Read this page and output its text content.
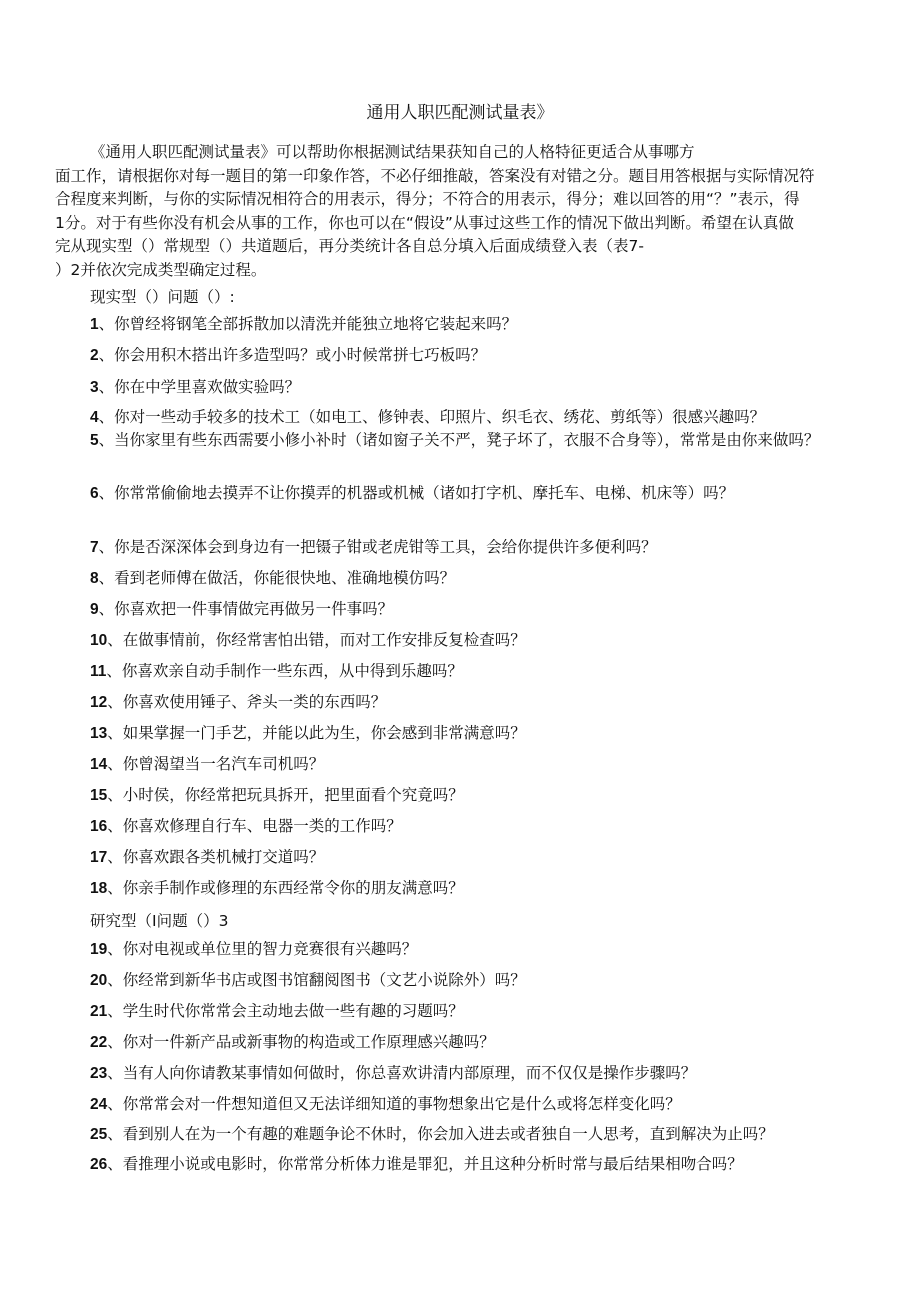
通用人职匹配测试量表》
《通用人职匹配测试量表》可以帮助你根据测试结果获知自己的人格特征更适合从事哪方
面工作，请根据你对每一题目的第一印象作答，不必仔细推敲，答案没有对错之分。题目用答根据与实际情况符
合程度来判断，与你的实际情况相符合的用表示，得分；不符合的用表示，得分；难以回答的用“？”表示，得
1分。对于有些你没有机会从事的工作，你也可以在“假设”从事过这些工作的情况下做出判断。希望在认真做
完从现实型（）常规型（）共道题后，再分类统计各自总分填入后面成绩登入表（表7-
）2并依次完成类型确定过程。
现实型（）问题（）:
研究型（I问题（）3
1、你曾经将钢笔全部拆散加以清洗并能独立地将它装起来吗？
2、你会用积木搭出许多造型吗？或小时候常拼七巧板吗？
3、你在中学里喜欢做实验吗？
4、你对一些动手较多的技术工（如电工、修钟表、印照片、织毛衣、绣花、剪纸等）很感兴趣吗？
5、当你家里有些东西需要小修小补时（诸如窗子关不严，凳子坏了，衣服不合身等），常常是由你来做吗？
6、你常常偷偷地去摸弄不让你摸弄的机器或机械（诸如打字机、摩托车、电梯、机床等）吗？
7、你是否深深体会到身边有一把镊子钳或老虎钳等工具，会给你提供许多便利吗？
8、看到老师傅在做活，你能很快地、准确地模仿吗？
9、你喜欢把一件事情做完再做另一件事吗？
10、在做事情前，你经常害怕出错，而对工作安排反复检查吗？
11、你喜欢亲自动手制作一些东西，从中得到乐趣吗？
12、你喜欢使用锤子、斧头一类的东西吗？
13、如果掌握一门手艺，并能以此为生，你会感到非常满意吗？
14、你曾渴望当一名汽车司机吗？
15、小时侯，你经常把玩具拆开，把里面看个究竟吗？
16、你喜欢修理自行车、电器一类的工作吗？
17、你喜欢跟各类机械打交道吗？
18、你亲手制作或修理的东西经常令你的朋友满意吗？
19、你对电视或单位里的智力竞赛很有兴趣吗？
20、你经常到新华书店或图书馆翻阅图书（文艺小说除外）吗？
21、学生时代你常常会主动地去做一些有趣的习题吗？
22、你对一件新产品或新事物的构造或工作原理感兴趣吗？
23、当有人向你请教某事情如何做时，你总喜欢讲清内部原理，而不仅仅是操作步骤吗？
24、你常常会对一件想知道但又无法详细知道的事物想象出它是什么或将怎样变化吗？
25、看到别人在为一个有趣的难题争论不休时，你会加入进去或者独自一人思考，直到解决为止吗？
26、看推理小说或电影时，你常常分析体力谁是罪犯，并且这种分析时常与最后结果相吻合吗？
